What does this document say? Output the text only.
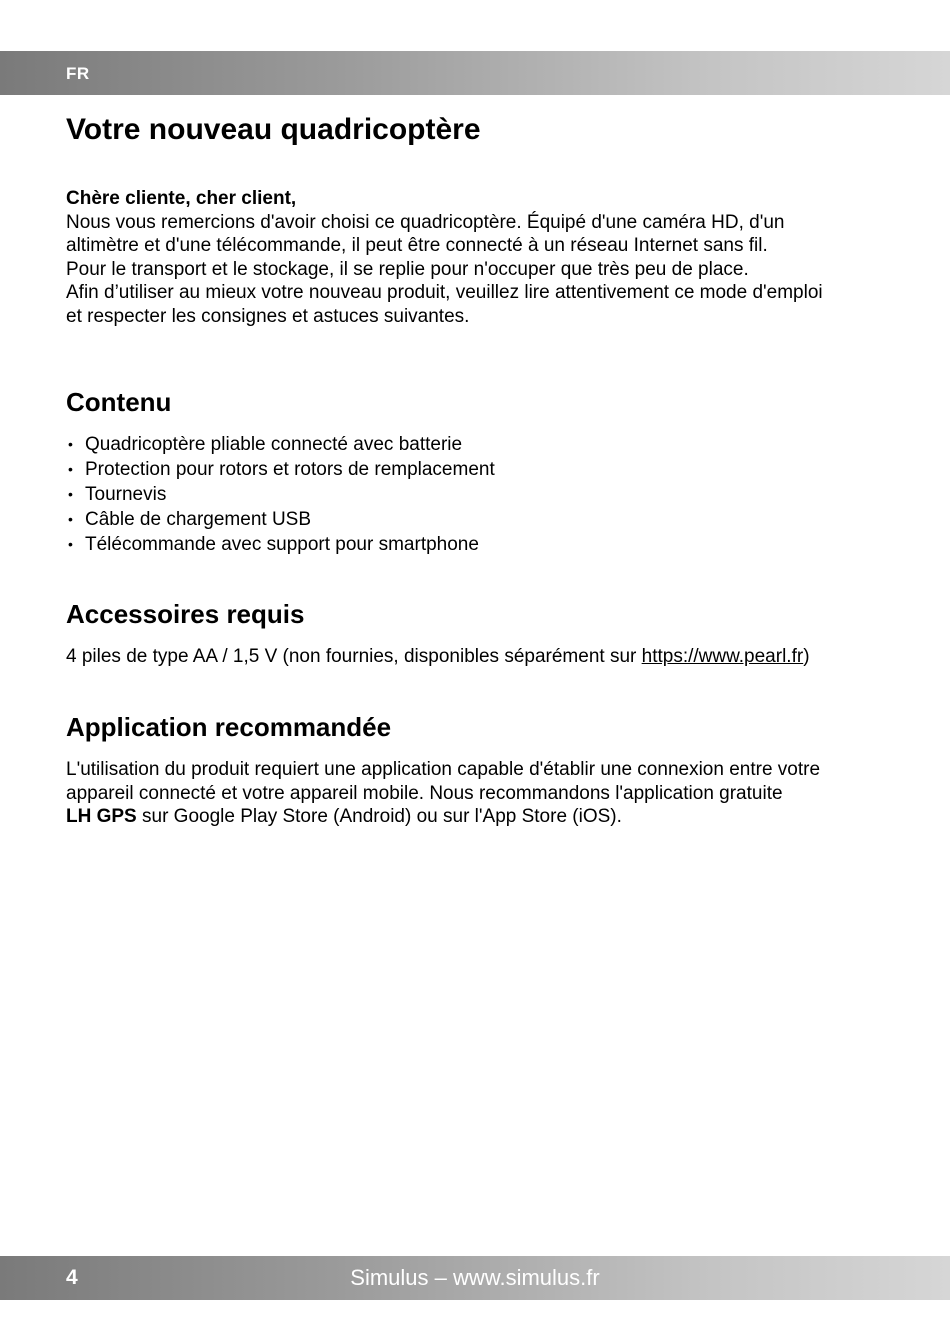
FR
Votre nouveau quadricoptère

Chère cliente, cher client,
Nous vous remercions d'avoir choisi ce quadricoptère. Équipé d'une caméra HD, d'un
altimètre et d'une télécommande, il peut être connecté à un réseau Internet sans fil.
Pour le transport et le stockage, il se replie pour n'occuper que très peu de place.
Afin d’utiliser au mieux votre nouveau produit, veuillez lire attentivement ce mode d'emploi
et respecter les consignes et astuces suivantes.

Contenu
• Quadricoptère pliable connecté avec batterie
• Protection pour rotors et rotors de remplacement
• Tournevis
• Câble de chargement USB
• Télécommande avec support pour smartphone
Accessoires requis

4 piles de type AA / 1,5 V (non fournies, disponibles séparément sur https://www.pearl.fr)

Application recommandée

L'utilisation du produit requiert une application capable d'établir une connexion entre votre
appareil connecté et votre appareil mobile. Nous recommandons l'application gratuite
LH GPS sur Google Play Store (Android) ou sur l'App Store (iOS).

4	Simulus – www.simulus.fr
